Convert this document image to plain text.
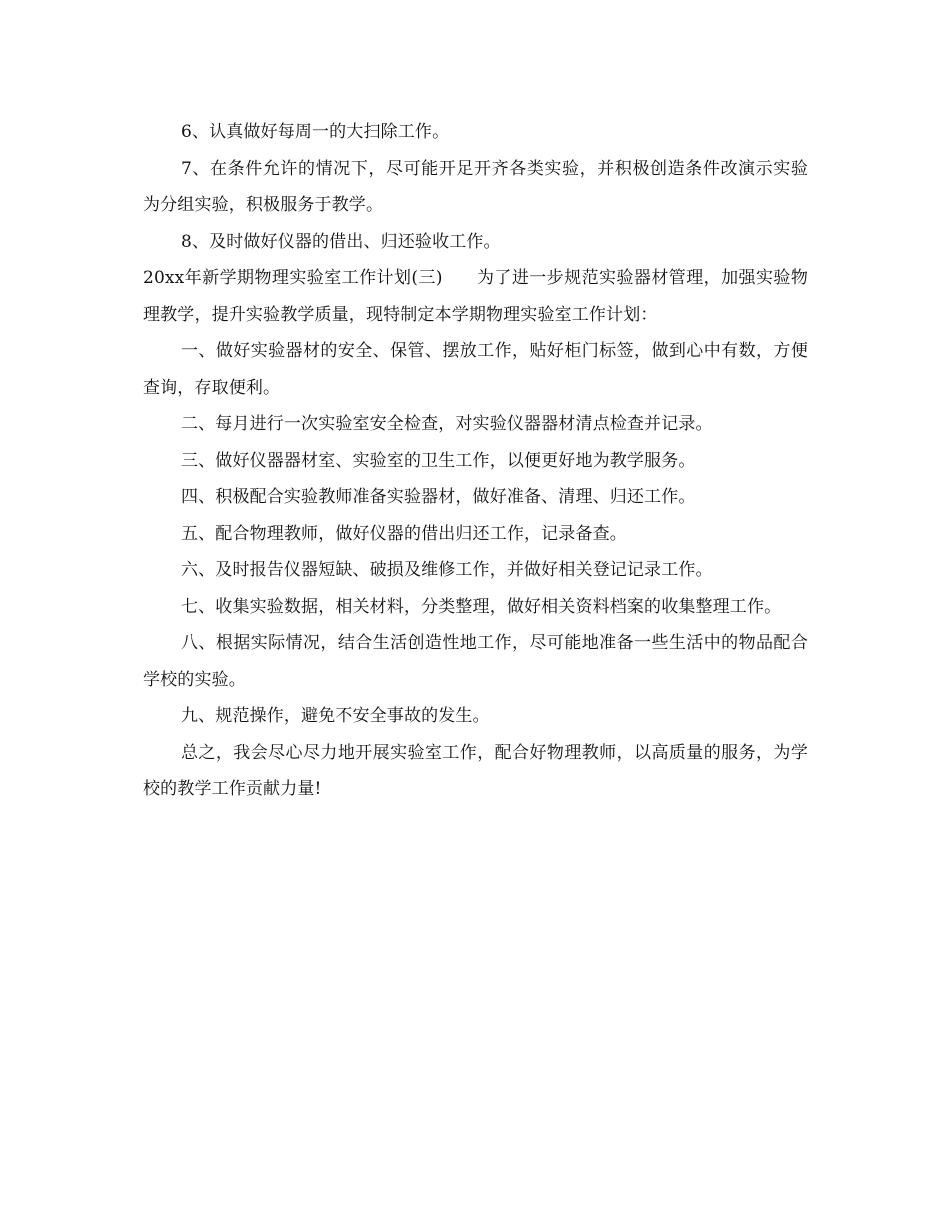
6、认真做好每周一的大扫除工作。

7、在条件允许的情况下，尽可能开足开齐各类实验，并积极创造条件改演示实验为分组实验，积极服务于教学。

8、及时做好仪器的借出、归还验收工作。

20xx年新学期物理实验室工作计划(三) 为了进一步规范实验器材管理，加强实验物理教学，提升实验教学质量，现特制定本学期物理实验室工作计划：

一、做好实验器材的安全、保管、摆放工作，贴好柜门标签，做到心中有数，方便查询，存取便利。

二、每月进行一次实验室安全检查，对实验仪器器材清点检查并记录。

三、做好仪器器材室、实验室的卫生工作，以便更好地为教学服务。

四、积极配合实验教师准备实验器材，做好准备、清理、归还工作。

五、配合物理教师，做好仪器的借出归还工作，记录备查。

六、及时报告仪器短缺、破损及维修工作，并做好相关登记记录工作。

七、收集实验数据，相关材料，分类整理，做好相关资料档案的收集整理工作。

八、根据实际情况，结合生活创造性地工作，尽可能地准备一些生活中的物品配合学校的实验。

九、规范操作，避免不安全事故的发生。

总之，我会尽心尽力地开展实验室工作，配合好物理教师，以高质量的服务，为学校的教学工作贡献力量!
